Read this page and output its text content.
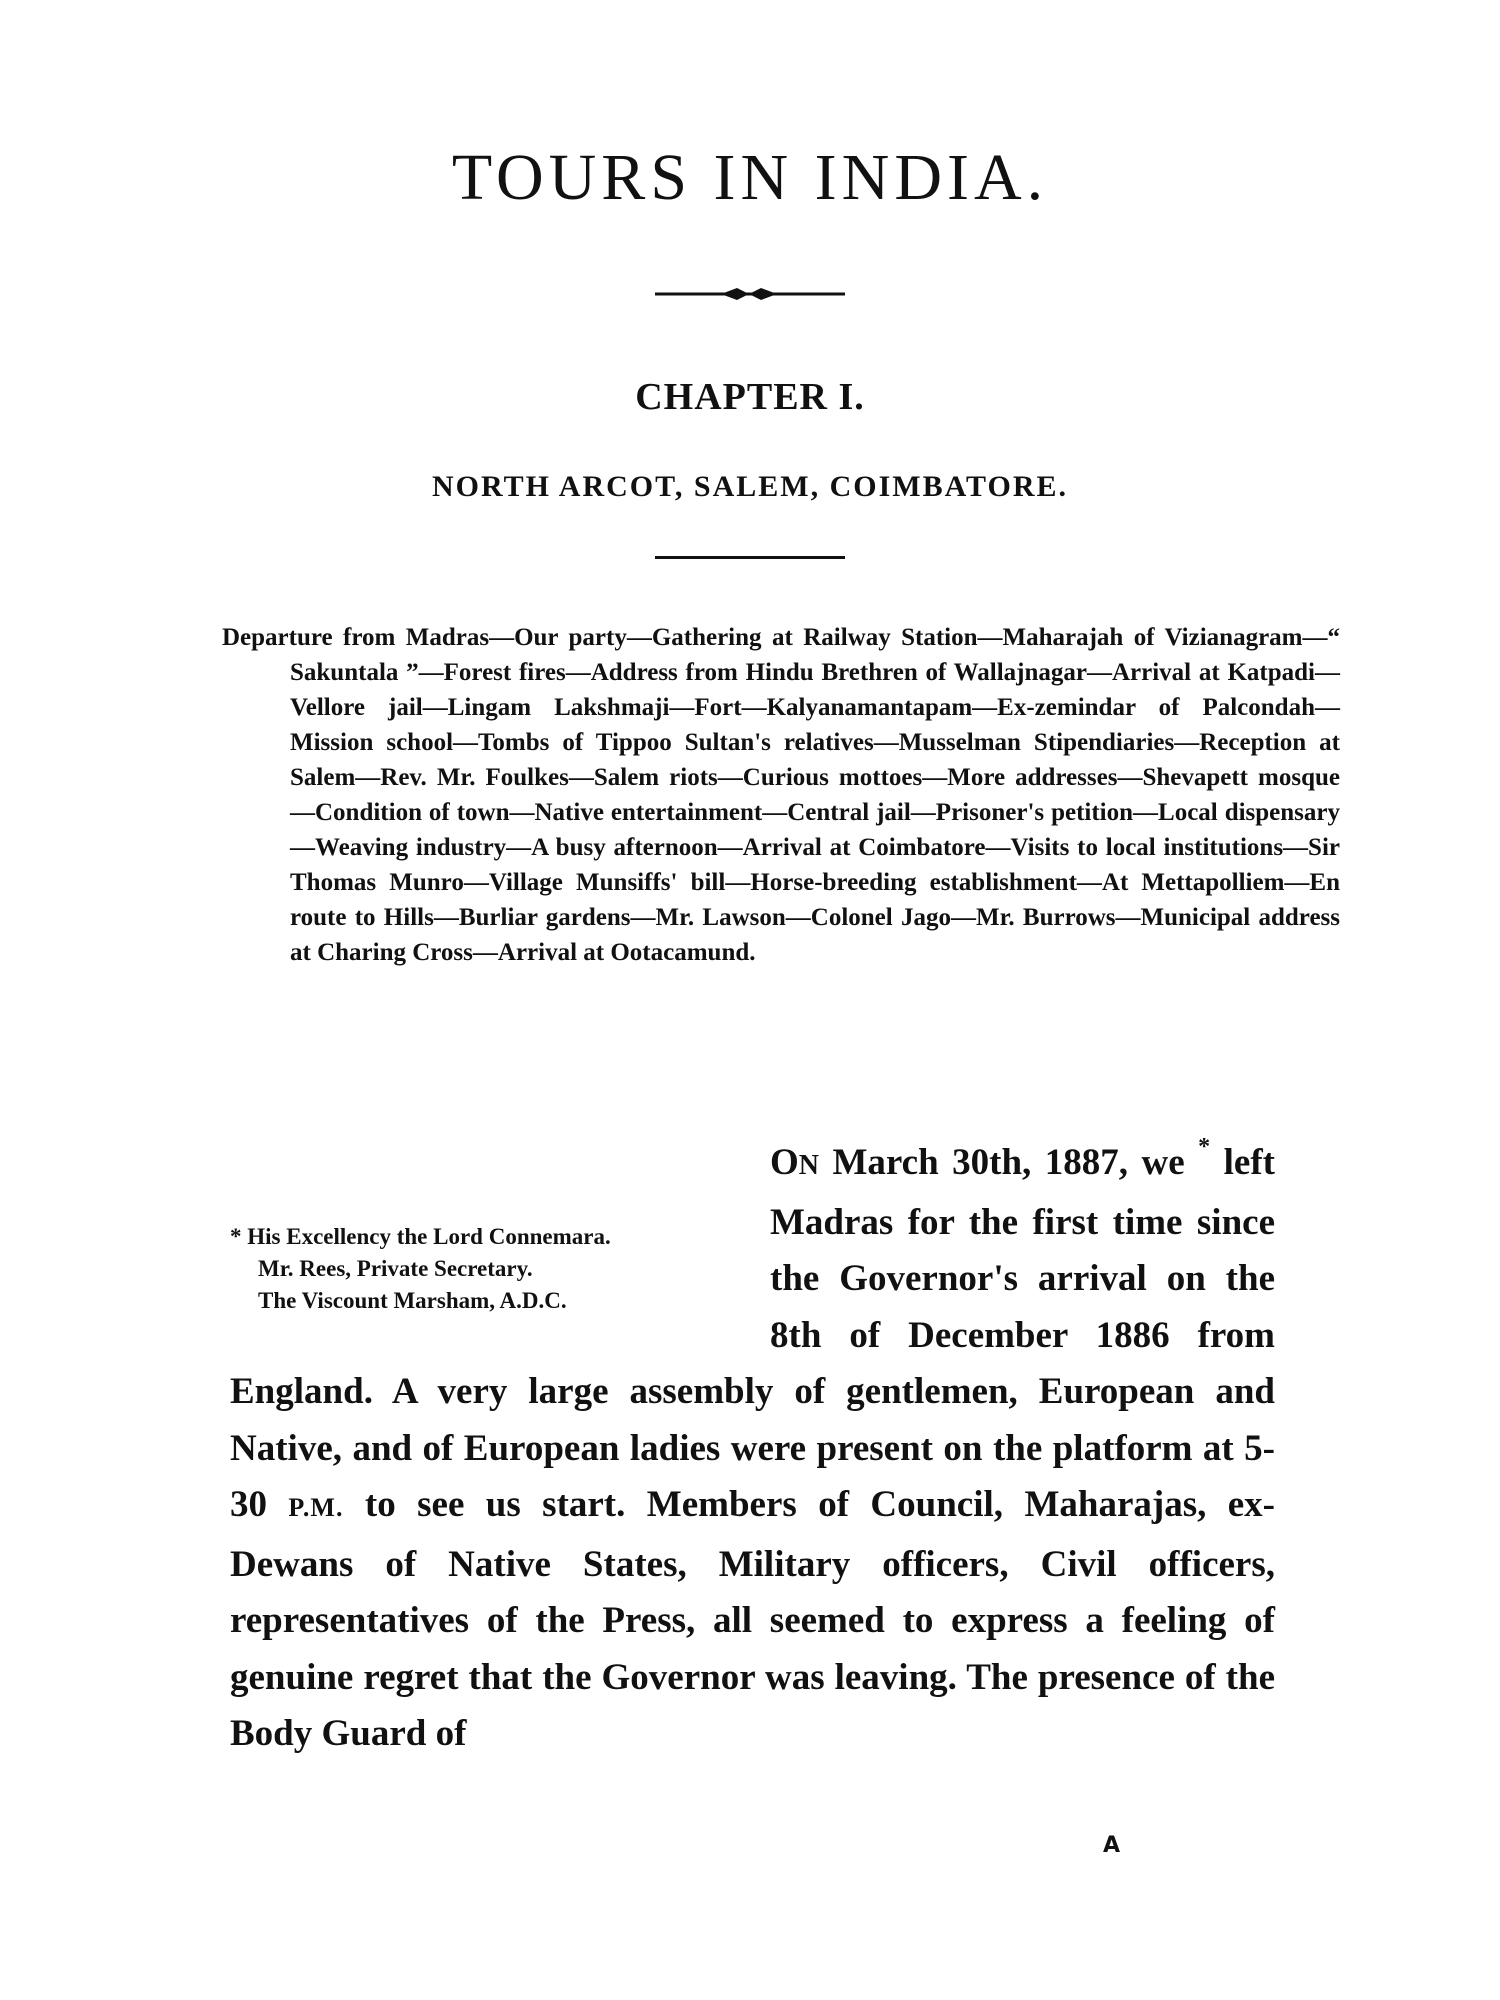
TOURS IN INDIA.
CHAPTER I.
NORTH ARCOT, SALEM, COIMBATORE.
Departure from Madras—Our party—Gathering at Railway Station—Maharajah of Vizianagram—“ Sakuntala ”—Forest fires—Address from Hindu Brethren of Wallajnagar—Arrival at Katpadi—Vellore jail—Lingam Lakshmaji—Fort—Kalyanamantapam—Ex-zemindar of Palcondah—Mission school—Tombs of Tippoo Sultan's relatives—Musselman Stipendiaries—Reception at Salem—Rev. Mr. Foulkes—Salem riots—Curious mottoes—More addresses—Shevapett mosque—Condition of town—Native entertainment—Central jail—Prisoner's petition—Local dispensary—Weaving industry—A busy afternoon—Arrival at Coimbatore—Visits to local institutions—Sir Thomas Munro—Village Munsiffs' bill—Horse-breeding establishment—At Mettapolliem—En route to Hills—Burliar gardens—Mr. Lawson—Colonel Jago—Mr. Burrows—Municipal address at Charing Cross—Arrival at Ootacamund.
* His Excellency the Lord Connemara.
Mr. Rees, Private Secretary.
The Viscount Marsham, A.D.C.
ON March 30th, 1887, we * left Madras for the first time since the Governor's arrival on the 8th of December 1886 from England. A very large assembly of gentlemen, European and Native, and of European ladies were present on the platform at 5-30 P.M. to see us start. Members of Council, Maharajas, ex-Dewans of Native States, Military officers, Civil officers, representatives of the Press, all seemed to express a feeling of genuine regret that the Governor was leaving. The presence of the Body Guard of
A
